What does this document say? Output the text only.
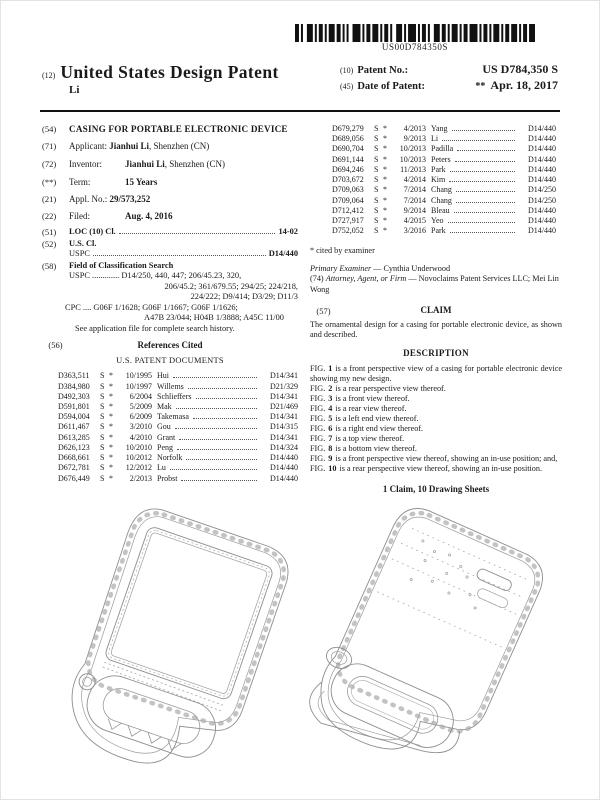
US00D784350S
(12) United States Design Patent
Li
(10) Patent No.:	US D784,350 S
(45) Date of Patent:	** Apr. 18, 2017
(54)	CASING FOR PORTABLE ELECTRONIC DEVICE
(71)	Applicant: Jianhui Li, Shenzhen (CN)
(72)	Inventor:	Jianhui Li, Shenzhen (CN)
(**)	Term:	15 Years
(21)	Appl. No.: 29/573,252
(22)	Filed:	Aug. 4, 2016
(51)	LOC (10) Cl.	14-02
(52)	U.S. Cl.
USPC	D14/440
(58)	Field of Classification Search
USPC ............. D14/250, 440, 447; 206/45.23, 320,
206/45.2; 361/679.55; 294/25; 224/218,
224/222; D9/414; D3/29; D11/3
CPC .... G06F 1/1628; G06F 1/1667; G06F 1/1626;
A47B 23/044; H04B 1/3888; A45C 11/00
See application file for complete search history.
(56)	References Cited
U.S. PATENT DOCUMENTS
D363,511	S *	10/1995 Hui	D14/341
D384,980	S *	10/1997 Willems	D21/329
D492,303	S *	6/2004 Schlieffers	D14/341
D591,801	S *	5/2009 Mak	D21/469
D594,004	S *	6/2009 Takemasa	D14/341
D611,467	S *	3/2010 Gou	D14/315
D613,285	S *	4/2010 Grant	D14/341
D626,123	S *	10/2010 Peng	D14/324
D668,661	S *	10/2012 Norfolk	D14/440
D672,781	S *	12/2012 Lu	D14/440
D676,449	S *	2/2013 Probst	D14/440
D679,279	S *	4/2013 Yang	D14/440
D689,056	S *	9/2013 Li	D14/440
D690,704	S *	10/2013 Padilla	D14/440
D691,144	S *	10/2013 Peters	D14/440
D694,246	S *	11/2013 Park	D14/440
D703,672	S *	4/2014 Kim	D14/440
D709,063	S *	7/2014 Chang	D14/250
D709,064	S *	7/2014 Chang	D14/250
D712,412	S *	9/2014 Bleau	D14/440
D727,917	S *	4/2015 Yeo	D14/440
D752,052	S *	3/2016 Park	D14/440
* cited by examiner
Primary Examiner — Cynthia Underwood
(74) Attorney, Agent, or Firm — Novoclaims Patent Services LLC; Mei Lin Wong
(57)	CLAIM
The ornamental design for a casing for portable electronic device, as shown and described.
DESCRIPTION
FIG. 1 is a front perspective view of a casing for portable electronic device showing my new design.
FIG. 2 is a rear perspective view thereof.
FIG. 3 is a front view thereof.
FIG. 4 is a rear view thereof.
FIG. 5 is a left end view thereof.
FIG. 6 is a right end view thereof.
FIG. 7 is a top view thereof.
FIG. 8 is a bottom view thereof.
FIG. 9 is a front perspective view thereof, showing an in-use position; and,
FIG. 10 is a rear perspective view thereof, showing an in-use position.
1 Claim, 10 Drawing Sheets
